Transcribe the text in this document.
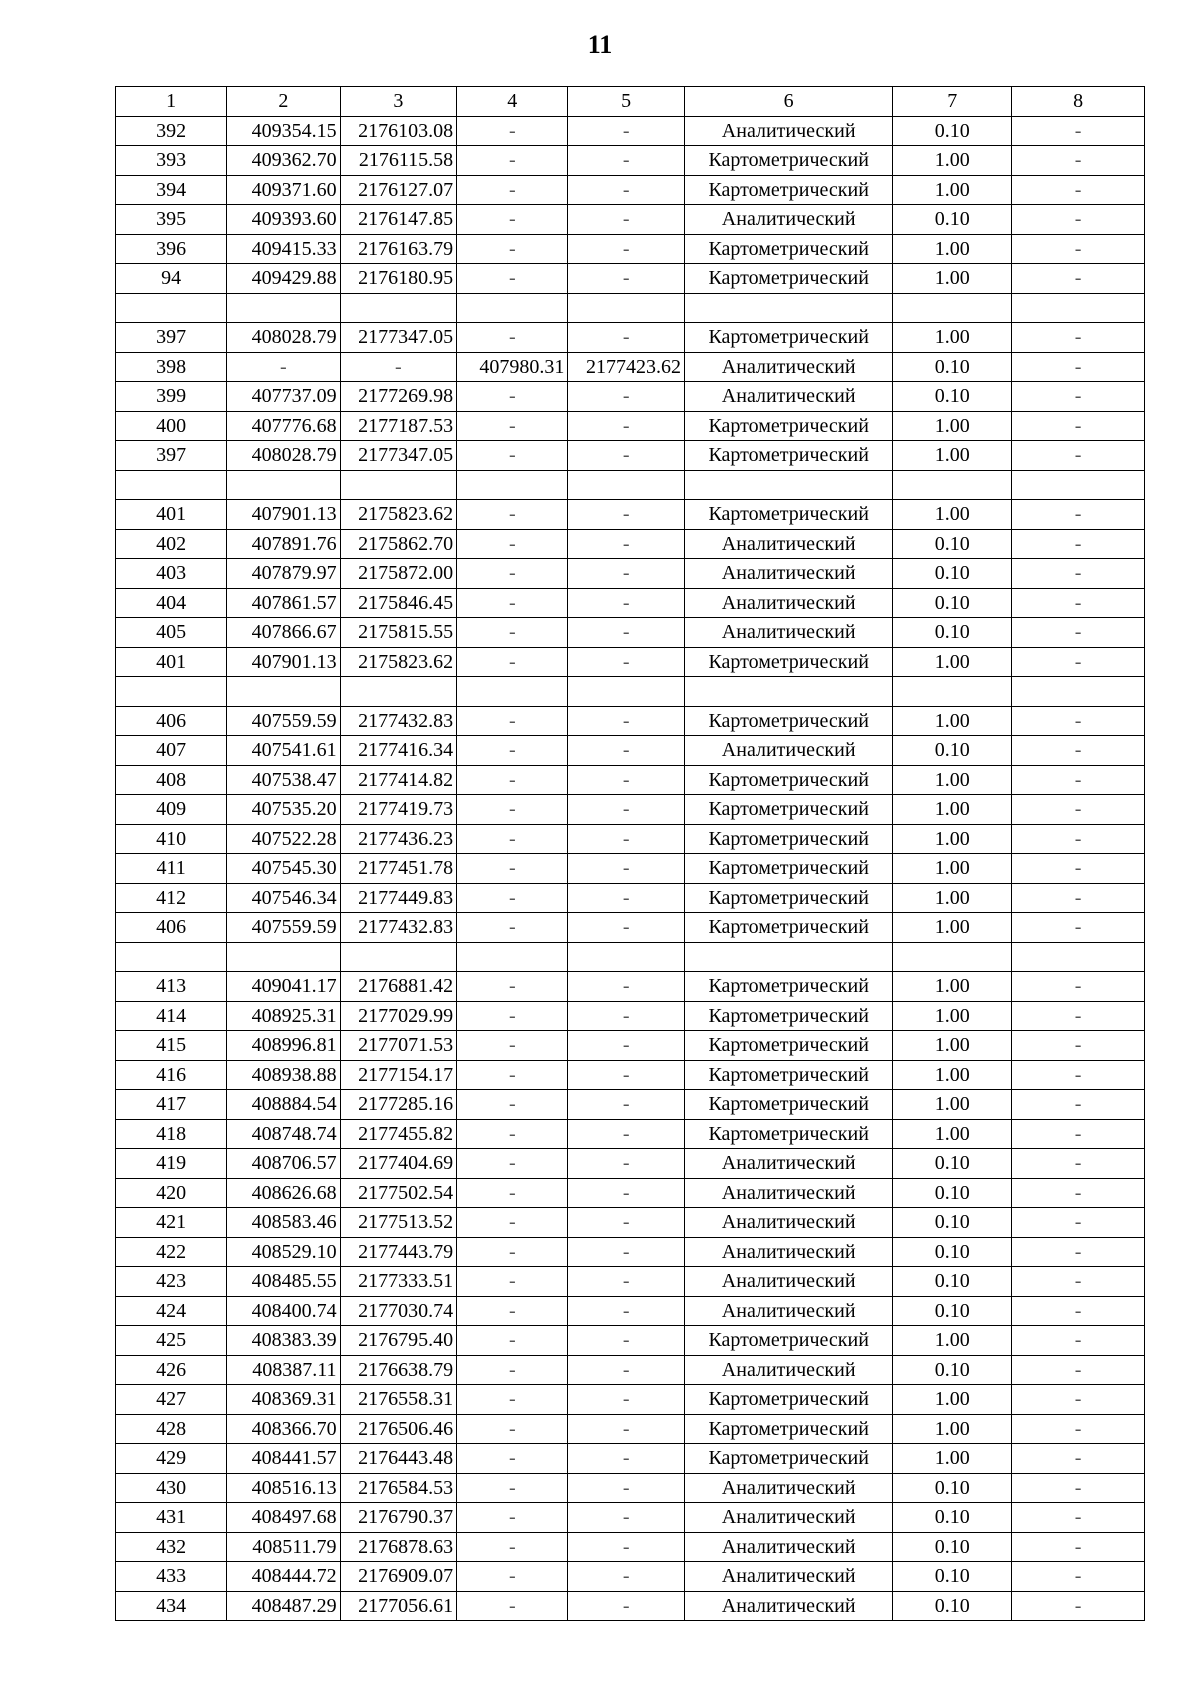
11
1	2	3	4	5	6	7	8
392	409354.15	2176103.08	-	-	Аналитический	0.10	-
393	409362.70	2176115.58	-	-	Картометрический	1.00	-
394	409371.60	2176127.07	-	-	Картометрический	1.00	-
395	409393.60	2176147.85	-	-	Аналитический	0.10	-
396	409415.33	2176163.79	-	-	Картометрический	1.00	-
94	409429.88	2176180.95	-	-	Картометрический	1.00	-

397	408028.79	2177347.05	-	-	Картометрический	1.00	-
398	-	-	407980.31	2177423.62	Аналитический	0.10	-
399	407737.09	2177269.98	-	-	Аналитический	0.10	-
400	407776.68	2177187.53	-	-	Картометрический	1.00	-
397	408028.79	2177347.05	-	-	Картометрический	1.00	-

401	407901.13	2175823.62	-	-	Картометрический	1.00	-
402	407891.76	2175862.70	-	-	Аналитический	0.10	-
403	407879.97	2175872.00	-	-	Аналитический	0.10	-
404	407861.57	2175846.45	-	-	Аналитический	0.10	-
405	407866.67	2175815.55	-	-	Аналитический	0.10	-
401	407901.13	2175823.62	-	-	Картометрический	1.00	-

406	407559.59	2177432.83	-	-	Картометрический	1.00	-
407	407541.61	2177416.34	-	-	Аналитический	0.10	-
408	407538.47	2177414.82	-	-	Картометрический	1.00	-
409	407535.20	2177419.73	-	-	Картометрический	1.00	-
410	407522.28	2177436.23	-	-	Картометрический	1.00	-
411	407545.30	2177451.78	-	-	Картометрический	1.00	-
412	407546.34	2177449.83	-	-	Картометрический	1.00	-
406	407559.59	2177432.83	-	-	Картометрический	1.00	-

413	409041.17	2176881.42	-	-	Картометрический	1.00	-
414	408925.31	2177029.99	-	-	Картометрический	1.00	-
415	408996.81	2177071.53	-	-	Картометрический	1.00	-
416	408938.88	2177154.17	-	-	Картометрический	1.00	-
417	408884.54	2177285.16	-	-	Картометрический	1.00	-
418	408748.74	2177455.82	-	-	Картометрический	1.00	-
419	408706.57	2177404.69	-	-	Аналитический	0.10	-
420	408626.68	2177502.54	-	-	Аналитический	0.10	-
421	408583.46	2177513.52	-	-	Аналитический	0.10	-
422	408529.10	2177443.79	-	-	Аналитический	0.10	-
423	408485.55	2177333.51	-	-	Аналитический	0.10	-
424	408400.74	2177030.74	-	-	Аналитический	0.10	-
425	408383.39	2176795.40	-	-	Картометрический	1.00	-
426	408387.11	2176638.79	-	-	Аналитический	0.10	-
427	408369.31	2176558.31	-	-	Картометрический	1.00	-
428	408366.70	2176506.46	-	-	Картометрический	1.00	-
429	408441.57	2176443.48	-	-	Картометрический	1.00	-
430	408516.13	2176584.53	-	-	Аналитический	0.10	-
431	408497.68	2176790.37	-	-	Аналитический	0.10	-
432	408511.79	2176878.63	-	-	Аналитический	0.10	-
433	408444.72	2176909.07	-	-	Аналитический	0.10	-
434	408487.29	2177056.61	-	-	Аналитический	0.10	-
